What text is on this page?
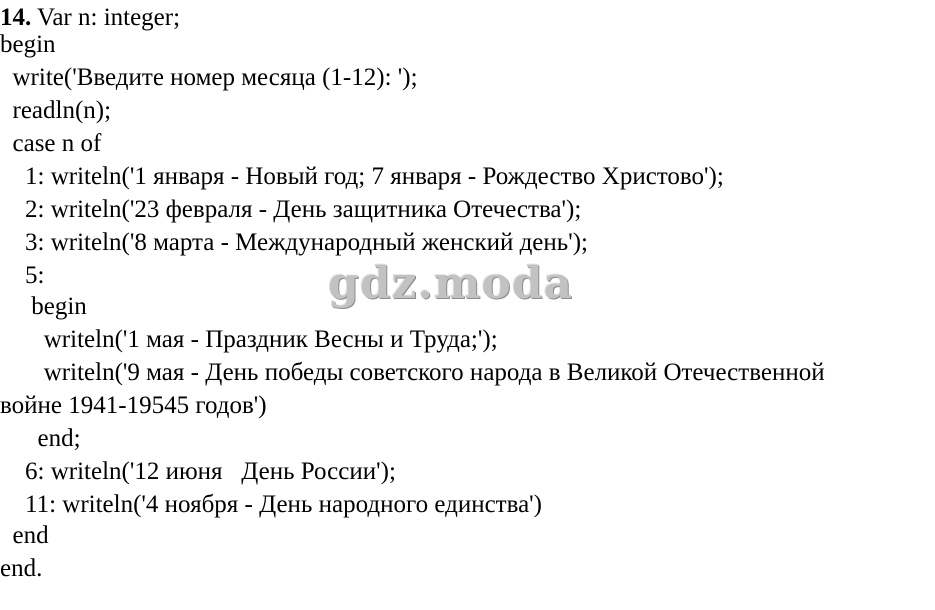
14. Var n: integer;
begin
write('Введите номер месяца (1-12): ');
readln(n);
case n of
1: writeln('1 января - Новый год; 7 января - Рождество Христово');
2: writeln('23 февраля - День защитника Отечества');
3: writeln('8 марта - Международный женский день');
5:
begin
writeln('1 мая - Праздник Весны и Труда;');
writeln('9 мая - День победы советского народа в Великой Отечественной
войне 1941-19545 годов')
end;
6: writeln('12 июня   День России');
11: writeln('4 ноября - День народного единства')
end
end.
gdz.moda
